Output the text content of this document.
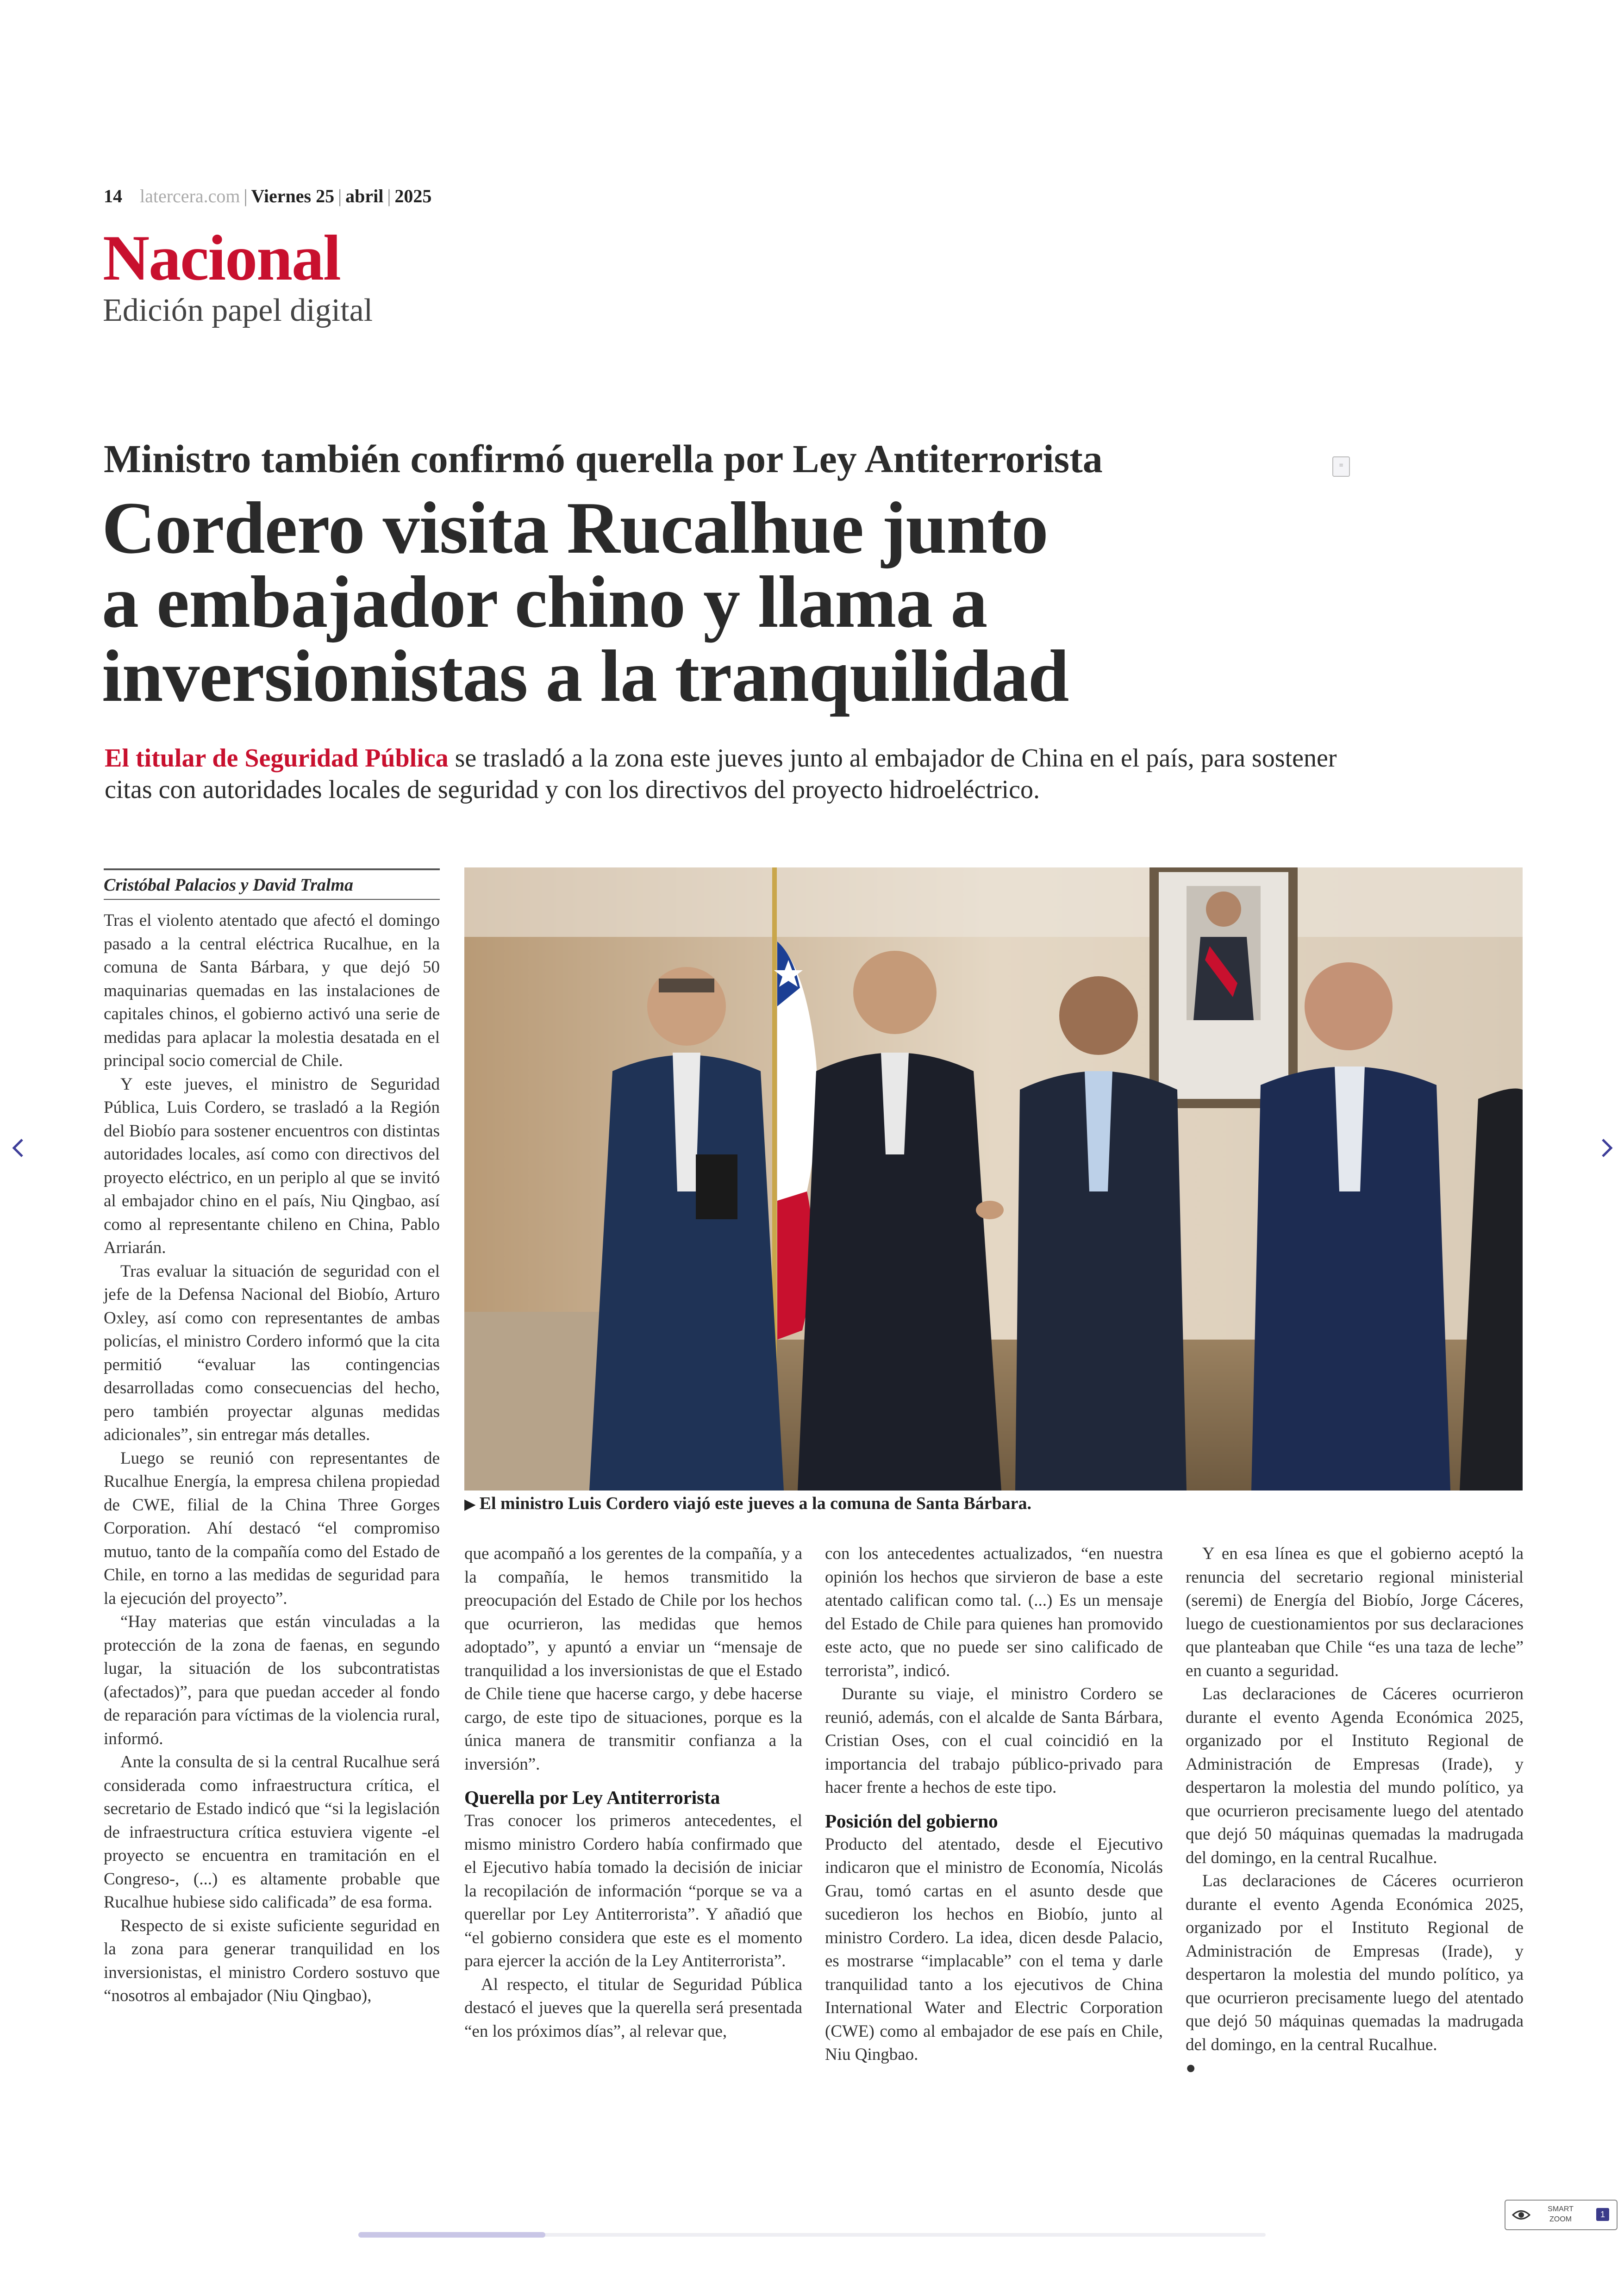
14 latercera.com | Viernes 25 | abril | 2025
Nacional
Edición papel digital
Ministro también confirmó querella por Ley Antiterrorista	≡
Cordero visita Rucalhue junto
a embajador chino y llama a
inversionistas a la tranquilidad
El titular de Seguridad Pública se trasladó a la zona este jueves junto al embajador de China en el país, para sostener citas con autoridades locales de seguridad y con los directivos del proyecto hidroeléctrico.
Cristóbal Palacios y David Tralma

Tras el violento atentado que afectó el domingo pasado a la central eléctrica Rucalhue, en la comuna de Santa Bárbara, y que dejó 50 maquinarias quemadas en las instalaciones de capitales chinos, el gobierno activó una serie de medidas para aplacar la molestia desatada en el principal socio comercial de Chile.

Y este jueves, el ministro de Seguridad Pública, Luis Cordero, se trasladó a la Región del Biobío para sostener encuentros con distintas autoridades locales, así como con directivos del proyecto eléctrico, en un periplo al que se invitó al embajador chino en el país, Niu Qingbao, así como al representante chileno en China, Pablo Arriarán.

Tras evaluar la situación de seguridad con el jefe de la Defensa Nacional del Biobío, Arturo Oxley, así como con representantes de ambas policías, el ministro Cordero informó que la cita permitió “evaluar las contingencias desarrolladas como consecuencias del hecho, pero también proyectar algunas medidas adicionales”, sin entregar más detalles.

Luego se reunió con representantes de Rucalhue Energía, la empresa chilena propiedad de CWE, filial de la China Three Gorges Corporation. Ahí destacó “el compromiso mutuo, tanto de la compañía como del Estado de Chile, en torno a las medidas de seguridad para la ejecución del proyecto”.

“Hay materias que están vinculadas a la protección de la zona de faenas, en segundo lugar, la situación de los subcontratistas (afectados)”, para que puedan acceder al fondo de reparación para víctimas de la violencia rural, informó.

Ante la consulta de si la central Rucalhue será considerada como infraestructura crítica, el secretario de Estado indicó que “si la legislación de infraestructura crítica estuviera vigente -el proyecto se encuentra en tramitación en el Congreso-, (...) es altamente probable que Rucalhue hubiese sido calificada” de esa forma.

Respecto de si existe suficiente seguridad en la zona para generar tranquilidad en los inversionistas, el ministro Cordero sostuvo que “nosotros al embajador (Niu Qingbao),

▶ El ministro Luis Cordero viajó este jueves a la comuna de Santa Bárbara.

que acompañó a los gerentes de la compañía, y a la compañía, le hemos transmitido la preocupación del Estado de Chile por los hechos que ocurrieron, las medidas que hemos adoptado”, y apuntó a enviar un “mensaje de tranquilidad a los inversionistas de que el Estado de Chile tiene que hacerse cargo, y debe hacerse cargo, de este tipo de situaciones, porque es la única manera de transmitir confianza a la inversión”.

Querella por Ley Antiterrorista

Tras conocer los primeros antecedentes, el mismo ministro Cordero había confirmado que el Ejecutivo había tomado la decisión de iniciar la recopilación de información “porque se va a querellar por Ley Antiterrorista”. Y añadió que “el gobierno considera que este es el momento para ejercer la acción de la Ley Antiterrorista”.

Al respecto, el titular de Seguridad Pública destacó el jueves que la querella será presentada “en los próximos días”, al relevar que,

con los antecedentes actualizados, “en nuestra opinión los hechos que sirvieron de base a este atentado califican como tal. (...) Es un mensaje del Estado de Chile para quienes han promovido este acto, que no puede ser sino calificado de terrorista”, indicó.

Durante su viaje, el ministro Cordero se reunió, además, con el alcalde de Santa Bárbara, Cristian Oses, con el cual coincidió en la importancia del trabajo público-privado para hacer frente a hechos de este tipo.

Posición del gobierno

Producto del atentado, desde el Ejecutivo indicaron que el ministro de Economía, Nicolás Grau, tomó cartas en el asunto desde que sucedieron los hechos en Biobío, junto al ministro Cordero. La idea, dicen desde Palacio, es mostrarse “implacable” con el tema y darle tranquilidad tanto a los ejecutivos de China International Water and Electric Corporation (CWE) como al embajador de ese país en Chile, Niu Qingbao.

Y en esa línea es que el gobierno aceptó la renuncia del secretario regional ministerial (seremi) de Energía del Biobío, Jorge Cáceres, luego de cuestionamientos por sus declaraciones que planteaban que Chile “es una taza de leche” en cuanto a seguridad.

Las declaraciones de Cáceres ocurrieron durante el evento Agenda Económica 2025, organizado por el Instituto Regional de Administración de Empresas (Irade), y despertaron la molestia del mundo político, ya que ocurrieron precisamente luego del atentado que dejó 50 máquinas quemadas la madrugada del domingo, en la central Rucalhue.

Las declaraciones de Cáceres ocurrieron durante el evento Agenda Económica 2025, organizado por el Instituto Regional de Administración de Empresas (Irade), y despertaron la molestia del mundo político, ya que ocurrieron precisamente luego del atentado que dejó 50 máquinas quemadas la madrugada del domingo, en la central Rucalhue.

●
SMART
ZOOM
1
